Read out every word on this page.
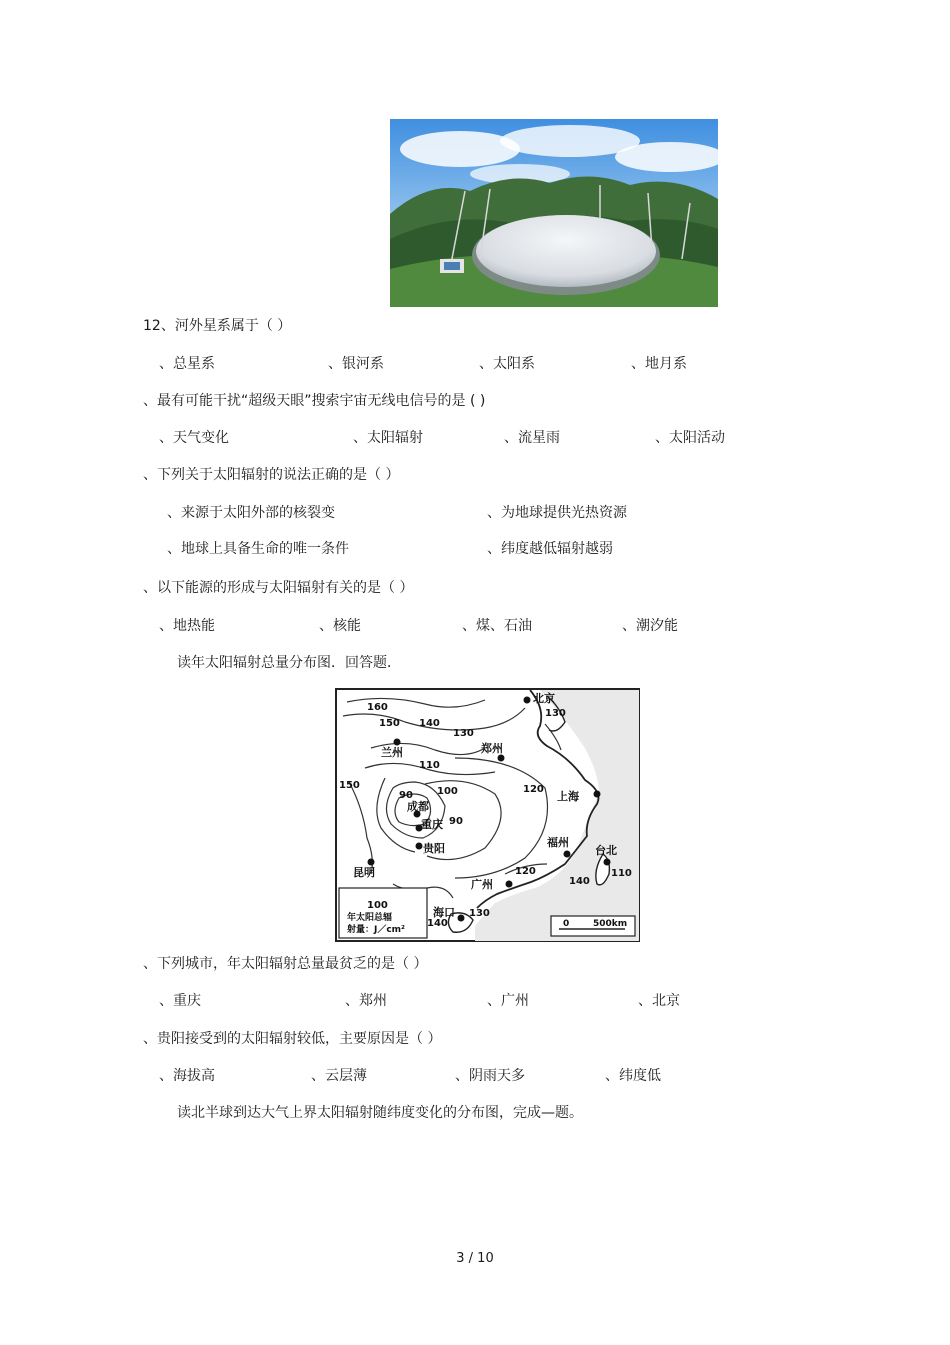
12、河外星系属于（ ）
、总星系	、银河系	、太阳系	、地月系
、最有可能干扰“超级天眼”搜索宇宙无线电信号的是 ( )
、天气变化	、太阳辐射	、流星雨	、太阳活动
、下列关于太阳辐射的说法正确的是（ ）
、来源于太阳外部的核裂变	、为地球提供光热资源
、地球上具备生命的唯一条件	、纬度越低辐射越弱
、以下能源的形成与太阳辐射有关的是（ ）
、地热能	、核能	、煤、石油	、潮汐能
读年太阳辐射总量分布图．回答题．
年太阳总辐
射量：J／cm²
0	500km
北京
兰州	郑州
成都
重庆
贵阳
上海
福州
台北
昆明
广州
海口
160
150 140
130
110
150
90 100
90
120
130
120
140
110
100
130
140
、下列城市，年太阳辐射总量最贫乏的是（ ）
、重庆	、郑州	、广州	、北京
、贵阳接受到的太阳辐射较低，主要原因是（ ）
、海拔高	、云层薄	、阴雨天多	、纬度低
读北半球到达大气上界太阳辐射随纬度变化的分布图，完成—题。
3 / 10
